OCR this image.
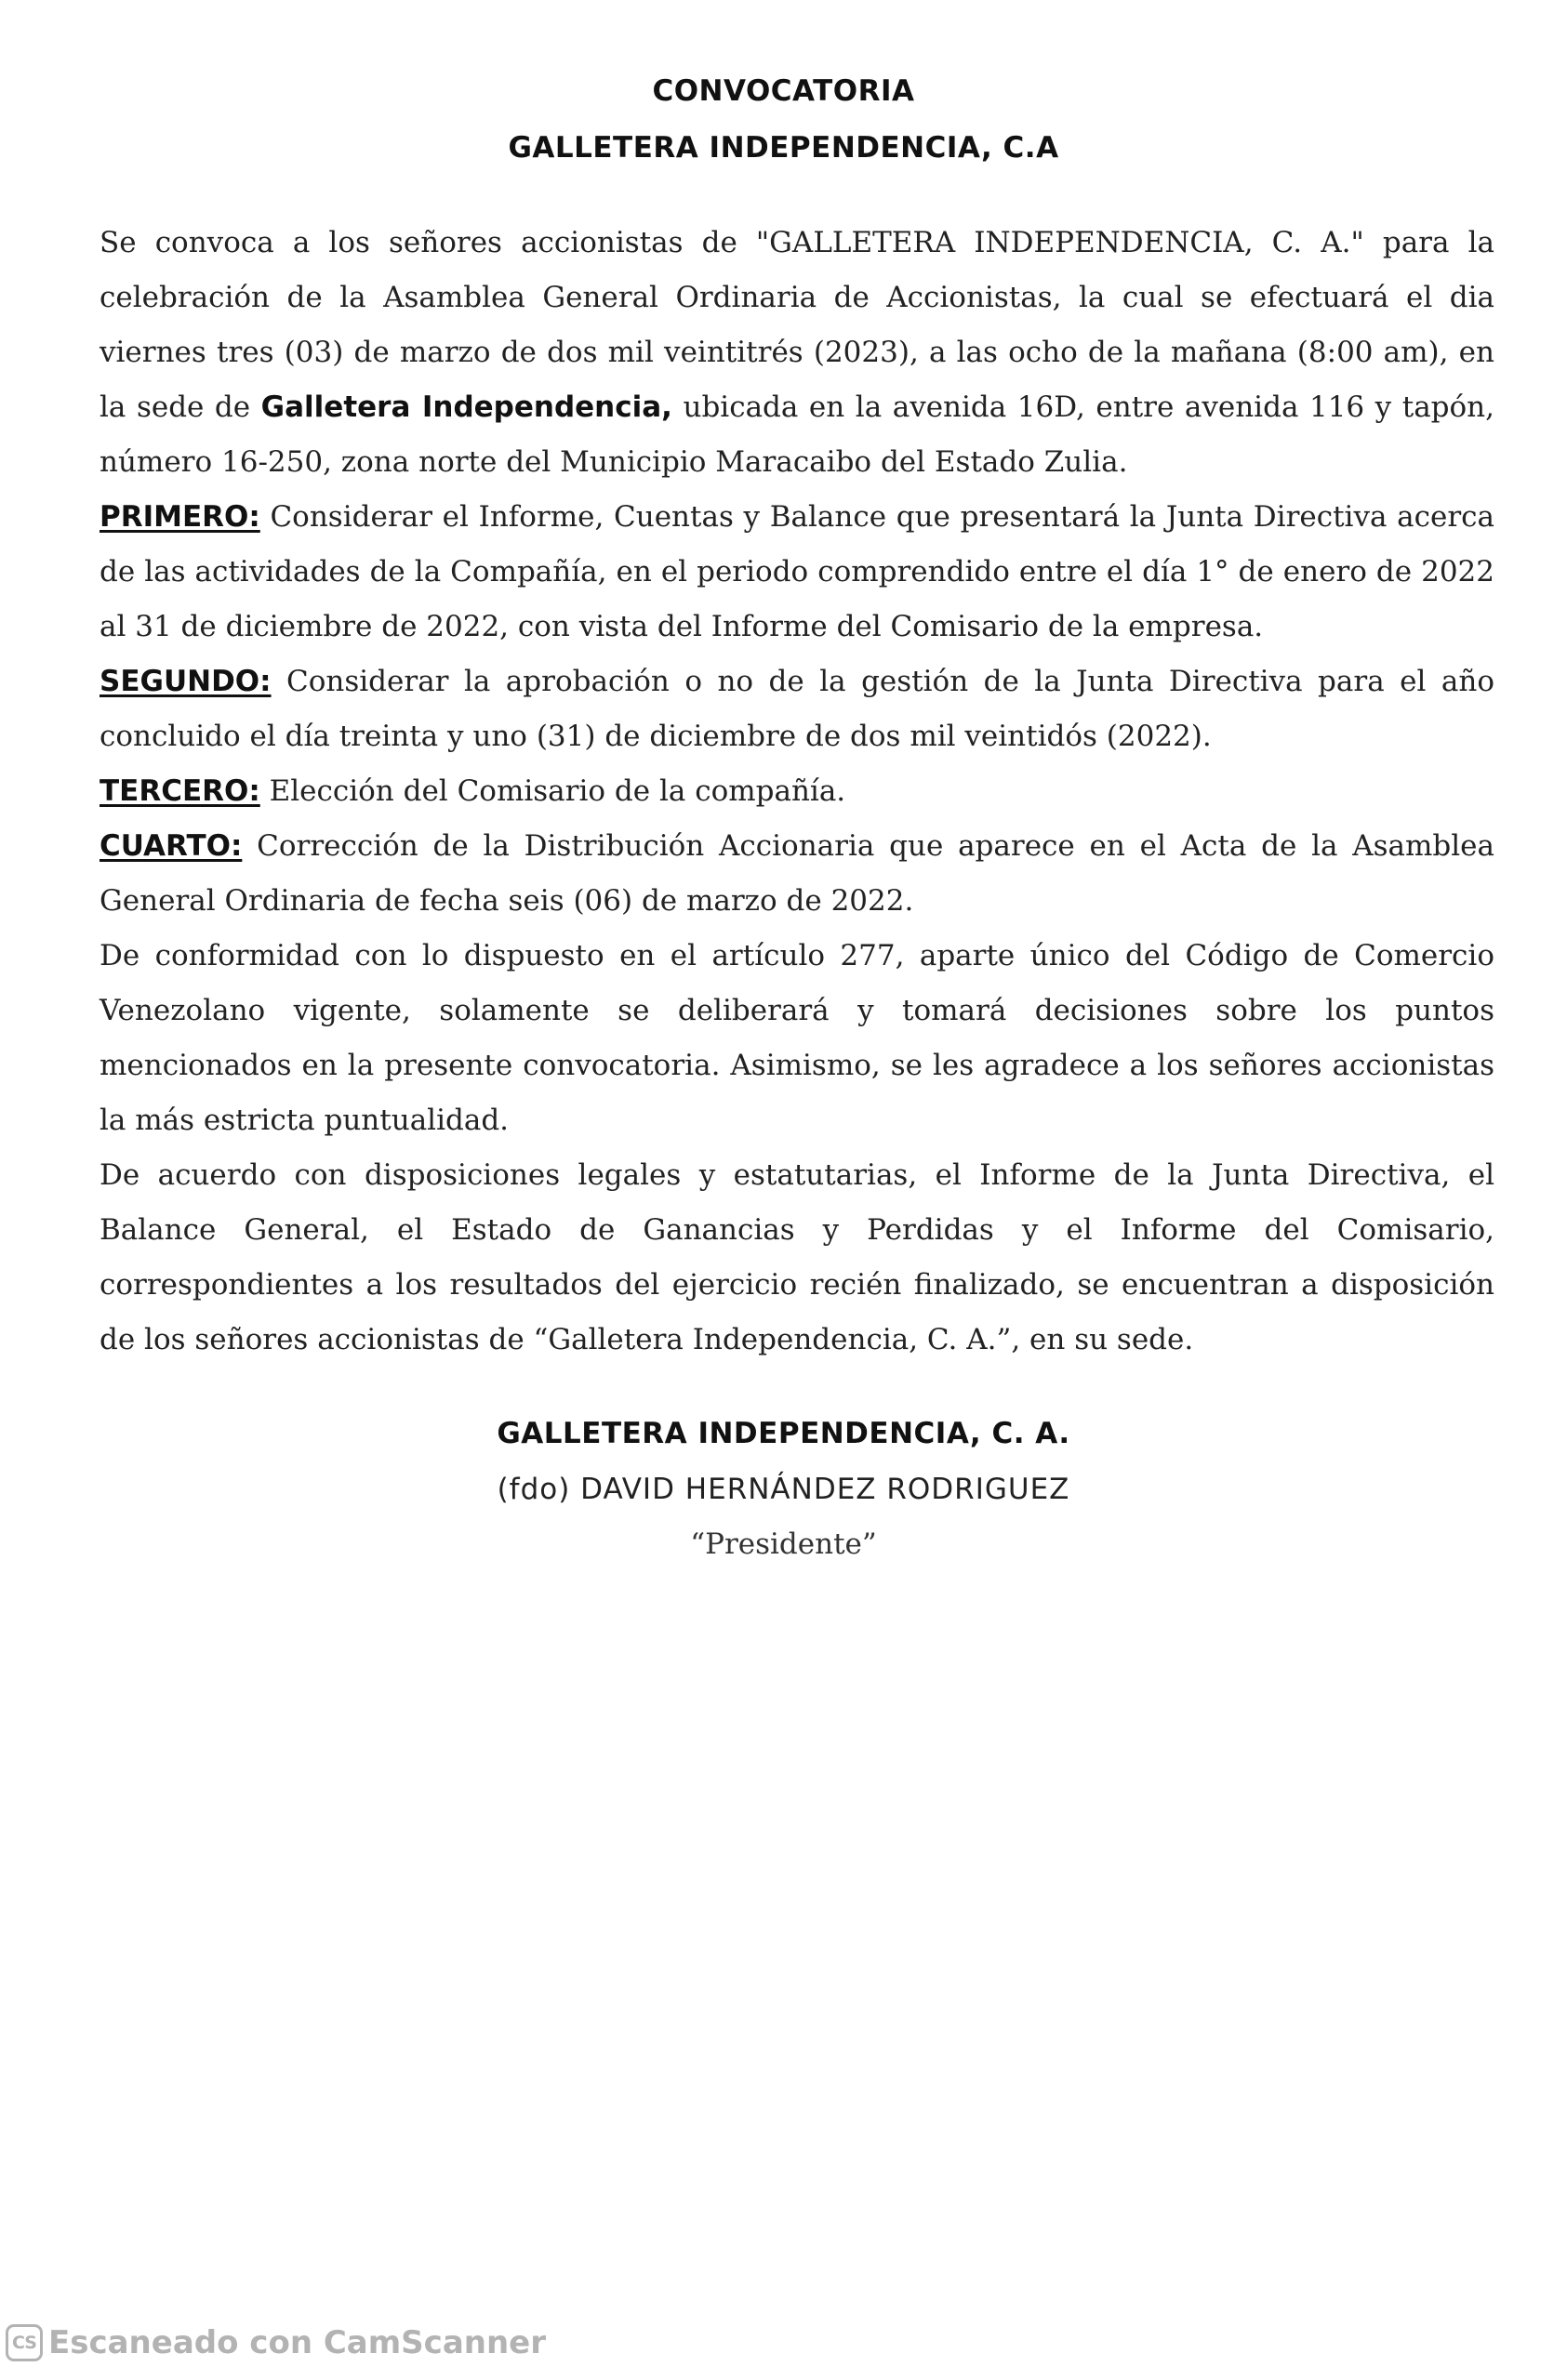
CONVOCATORIA
GALLETERA INDEPENDENCIA, C.A

Se convoca a los señores accionistas de "GALLETERA INDEPENDENCIA, C. A." para la celebración de la Asamblea General Ordinaria de Accionistas, la cual se efectuará el dia viernes tres (03) de marzo de dos mil veintitrés (2023), a las ocho de la mañana (8:00 am), en la sede de Galletera Independencia, ubicada en la avenida 16D, entre avenida 116 y tapón, número 16-250, zona norte del Municipio Maracaibo del Estado Zulia.

PRIMERO: Considerar el Informe, Cuentas y Balance que presentará la Junta Directiva acerca de las actividades de la Compañía, en el periodo comprendido entre el día 1° de enero de 2022 al 31 de diciembre de 2022, con vista del Informe del Comisario de la empresa.

SEGUNDO: Considerar la aprobación o no de la gestión de la Junta Directiva para el año concluido el día treinta y uno (31) de diciembre de dos mil veintidós (2022).

TERCERO: Elección del Comisario de la compañía.

CUARTO: Corrección de la Distribución Accionaria que aparece en el Acta de la Asamblea General Ordinaria de fecha seis (06) de marzo de 2022.

De conformidad con lo dispuesto en el artículo 277, aparte único del Código de Comercio Venezolano vigente, solamente se deliberará y tomará decisiones sobre los puntos mencionados en la presente convocatoria. Asimismo, se les agradece a los señores accionistas la más estricta puntualidad.

De acuerdo con disposiciones legales y estatutarias, el Informe de la Junta Directiva, el Balance General, el Estado de Ganancias y Perdidas y el Informe del Comisario, correspondientes a los resultados del ejercicio recién finalizado, se encuentran a disposición de los señores accionistas de “Galletera Independencia, C. A.”, en su sede.

GALLETERA INDEPENDENCIA, C. A.
(fdo) DAVID HERNÁNDEZ RODRIGUEZ
“Presidente”
CS Escaneado con CamScanner
